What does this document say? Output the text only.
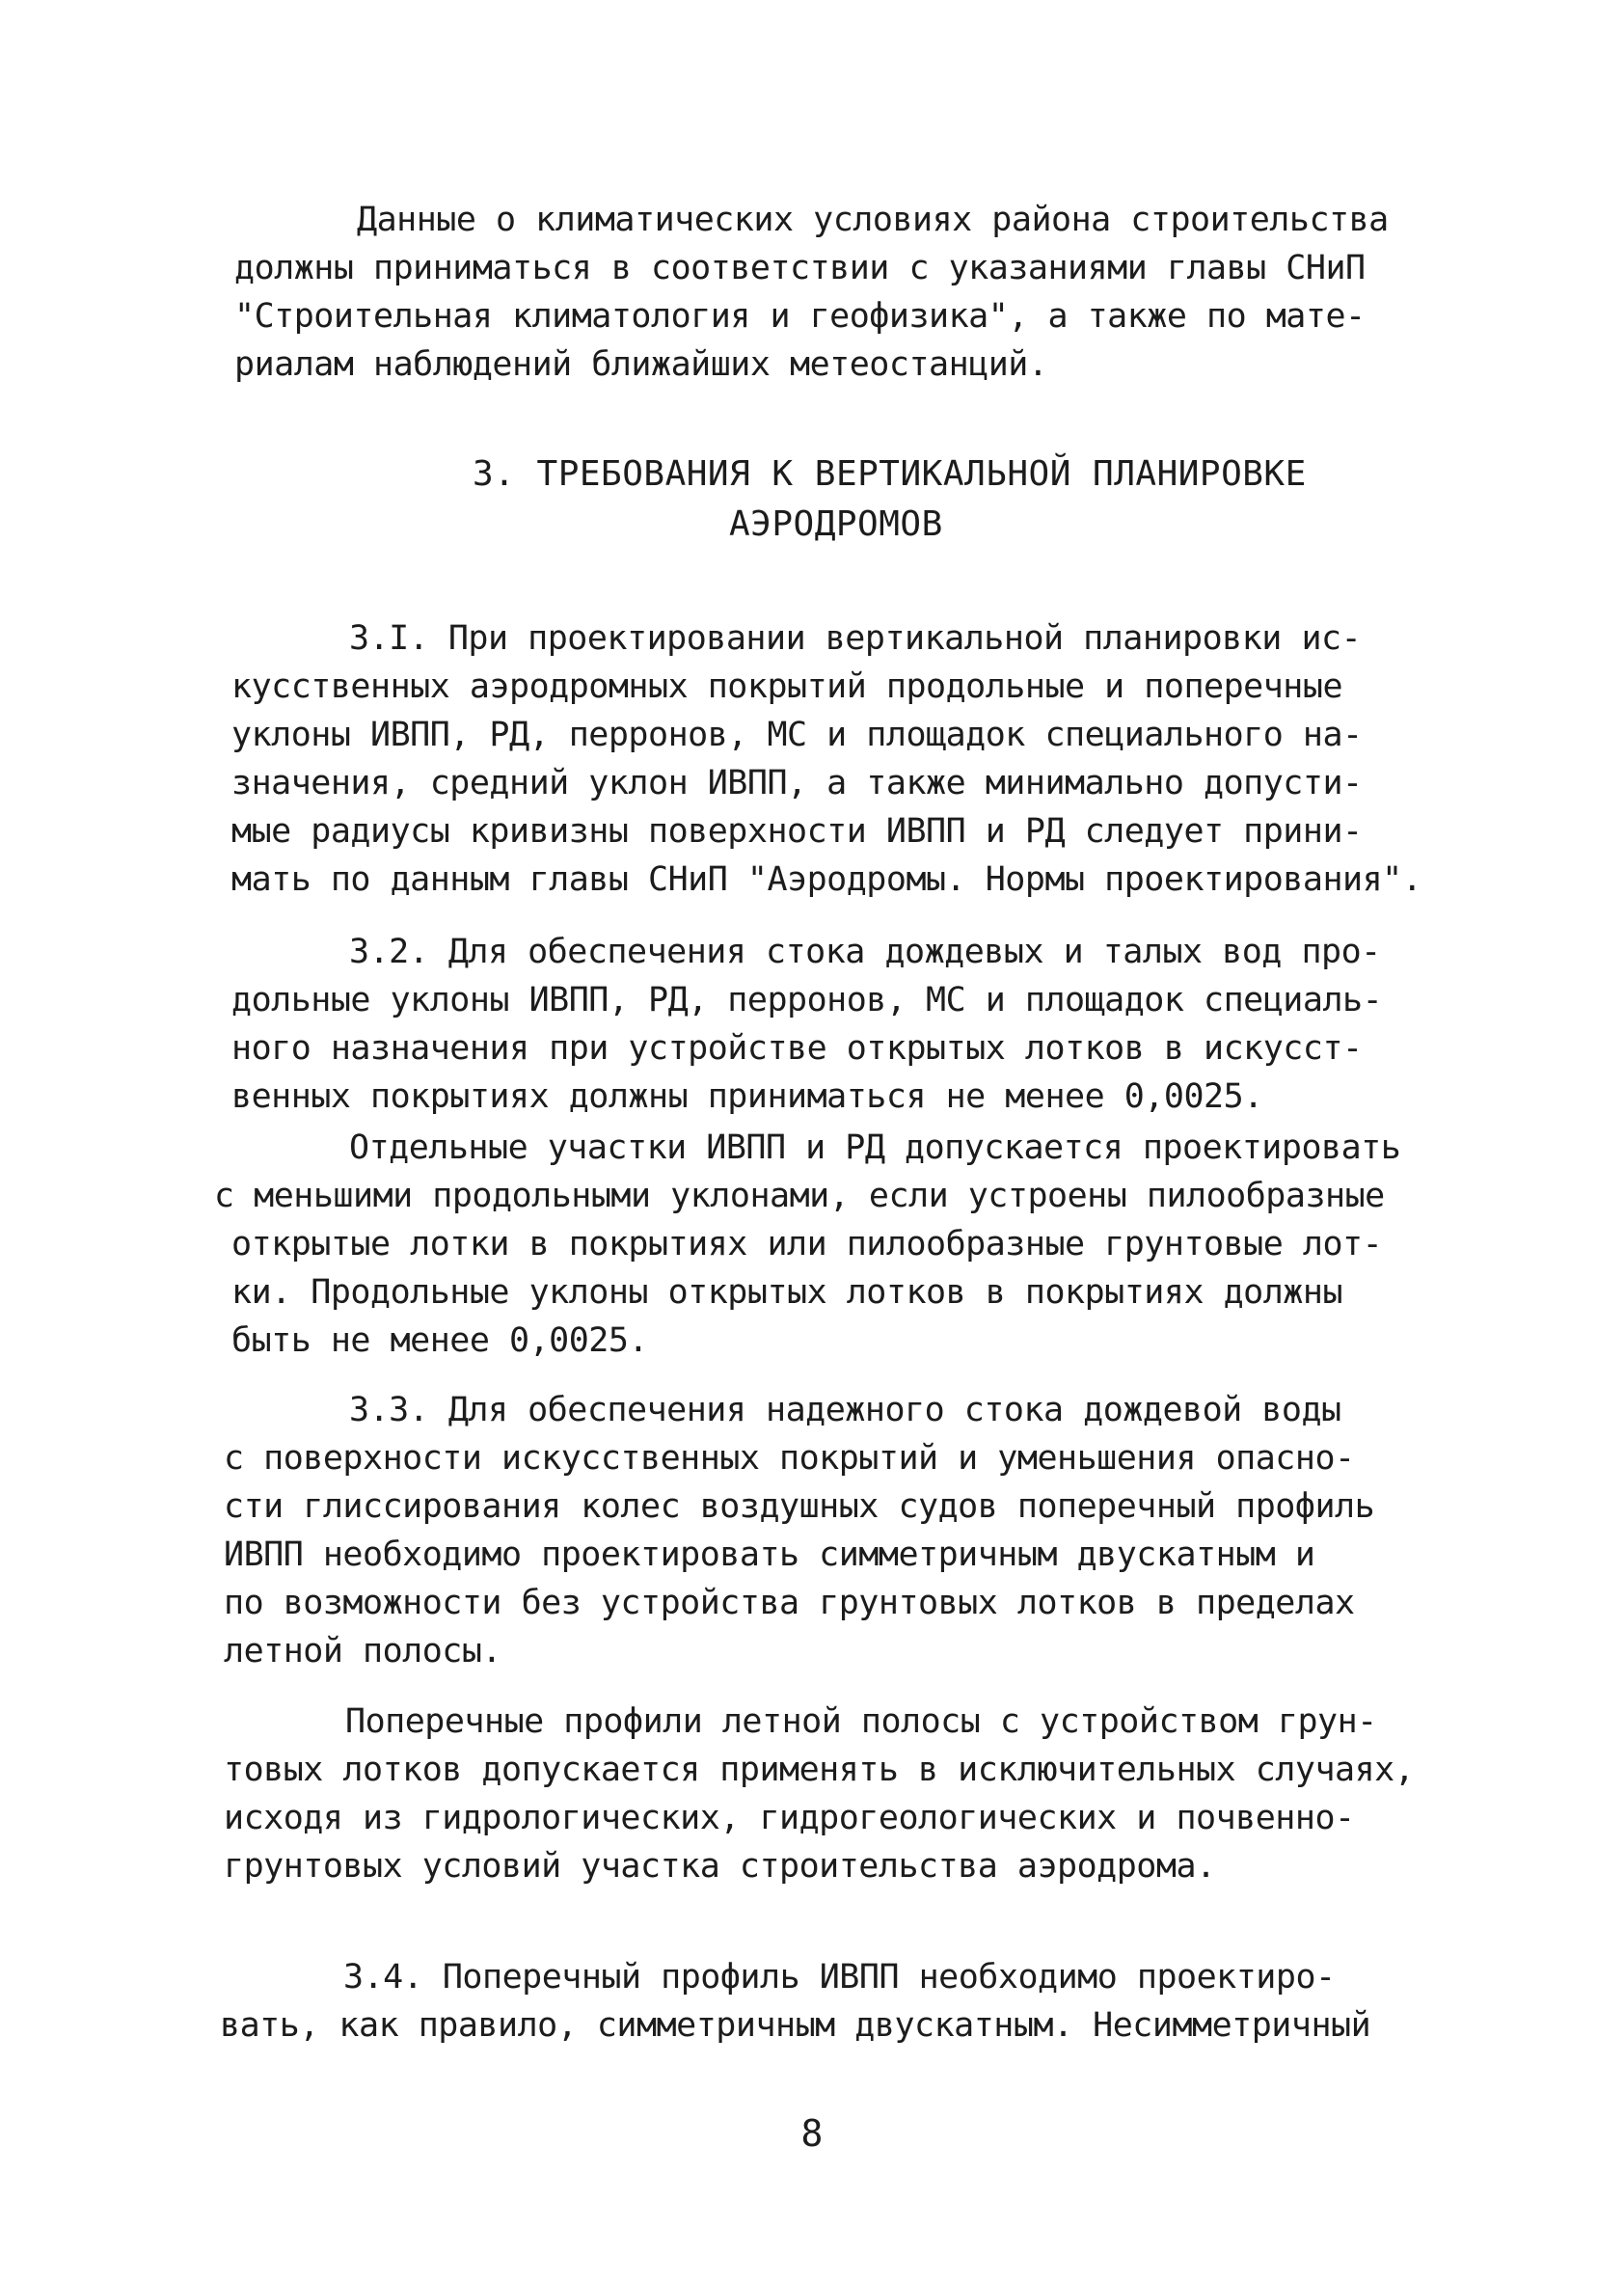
Данные о климатических условиях района строительства
должны приниматься в соответствии с указаниями главы СНиП
"Строительная климатология и геофизика", а также по мате-
риалам наблюдений ближайших метеостанций.
3. ТРЕБОВАНИЯ К ВЕРТИКАЛЬНОЙ ПЛАНИРОВКЕ
АЭРОДРОМОВ
3.I. При проектировании вертикальной планировки ис-
кусственных аэродромных покрытий продольные и поперечные
уклоны ИВПП, РД, перронов, МС и площадок специального на-
значения, средний уклон ИВПП, а также минимально допусти-
мые радиусы кривизны поверхности ИВПП и РД следует прини-
мать по данным главы СНиП "Аэродромы. Нормы проектирования".
3.2. Для обеспечения стока дождевых и талых вод про-
дольные уклоны ИВПП, РД, перронов, МС и площадок специаль-
ного назначения при устройстве открытых лотков в искусст-
венных покрытиях должны приниматься не менее 0,0025.
Отдельные участки ИВПП и РД допускается проектировать
с меньшими продольными уклонами, если устроены пилообразные
открытые лотки в покрытиях или пилообразные грунтовые лот-
ки. Продольные уклоны открытых лотков в покрытиях должны
быть не менее 0,0025.
3.3. Для обеспечения надежного стока дождевой воды
с поверхности искусственных покрытий и уменьшения опасно-
сти глиссирования колес воздушных судов поперечный профиль
ИВПП необходимо проектировать симметричным двускатным и
по возможности без устройства грунтовых лотков в пределах
летной полосы.
Поперечные профили летной полосы с устройством грун-
товых лотков допускается применять в исключительных случаях,
исходя из гидрологических, гидрогеологических и почвенно-
грунтовых условий участка строительства аэродрома.
3.4. Поперечный профиль ИВПП необходимо проектиро-
вать, как правило, симметричным двускатным. Несимметричный
8
